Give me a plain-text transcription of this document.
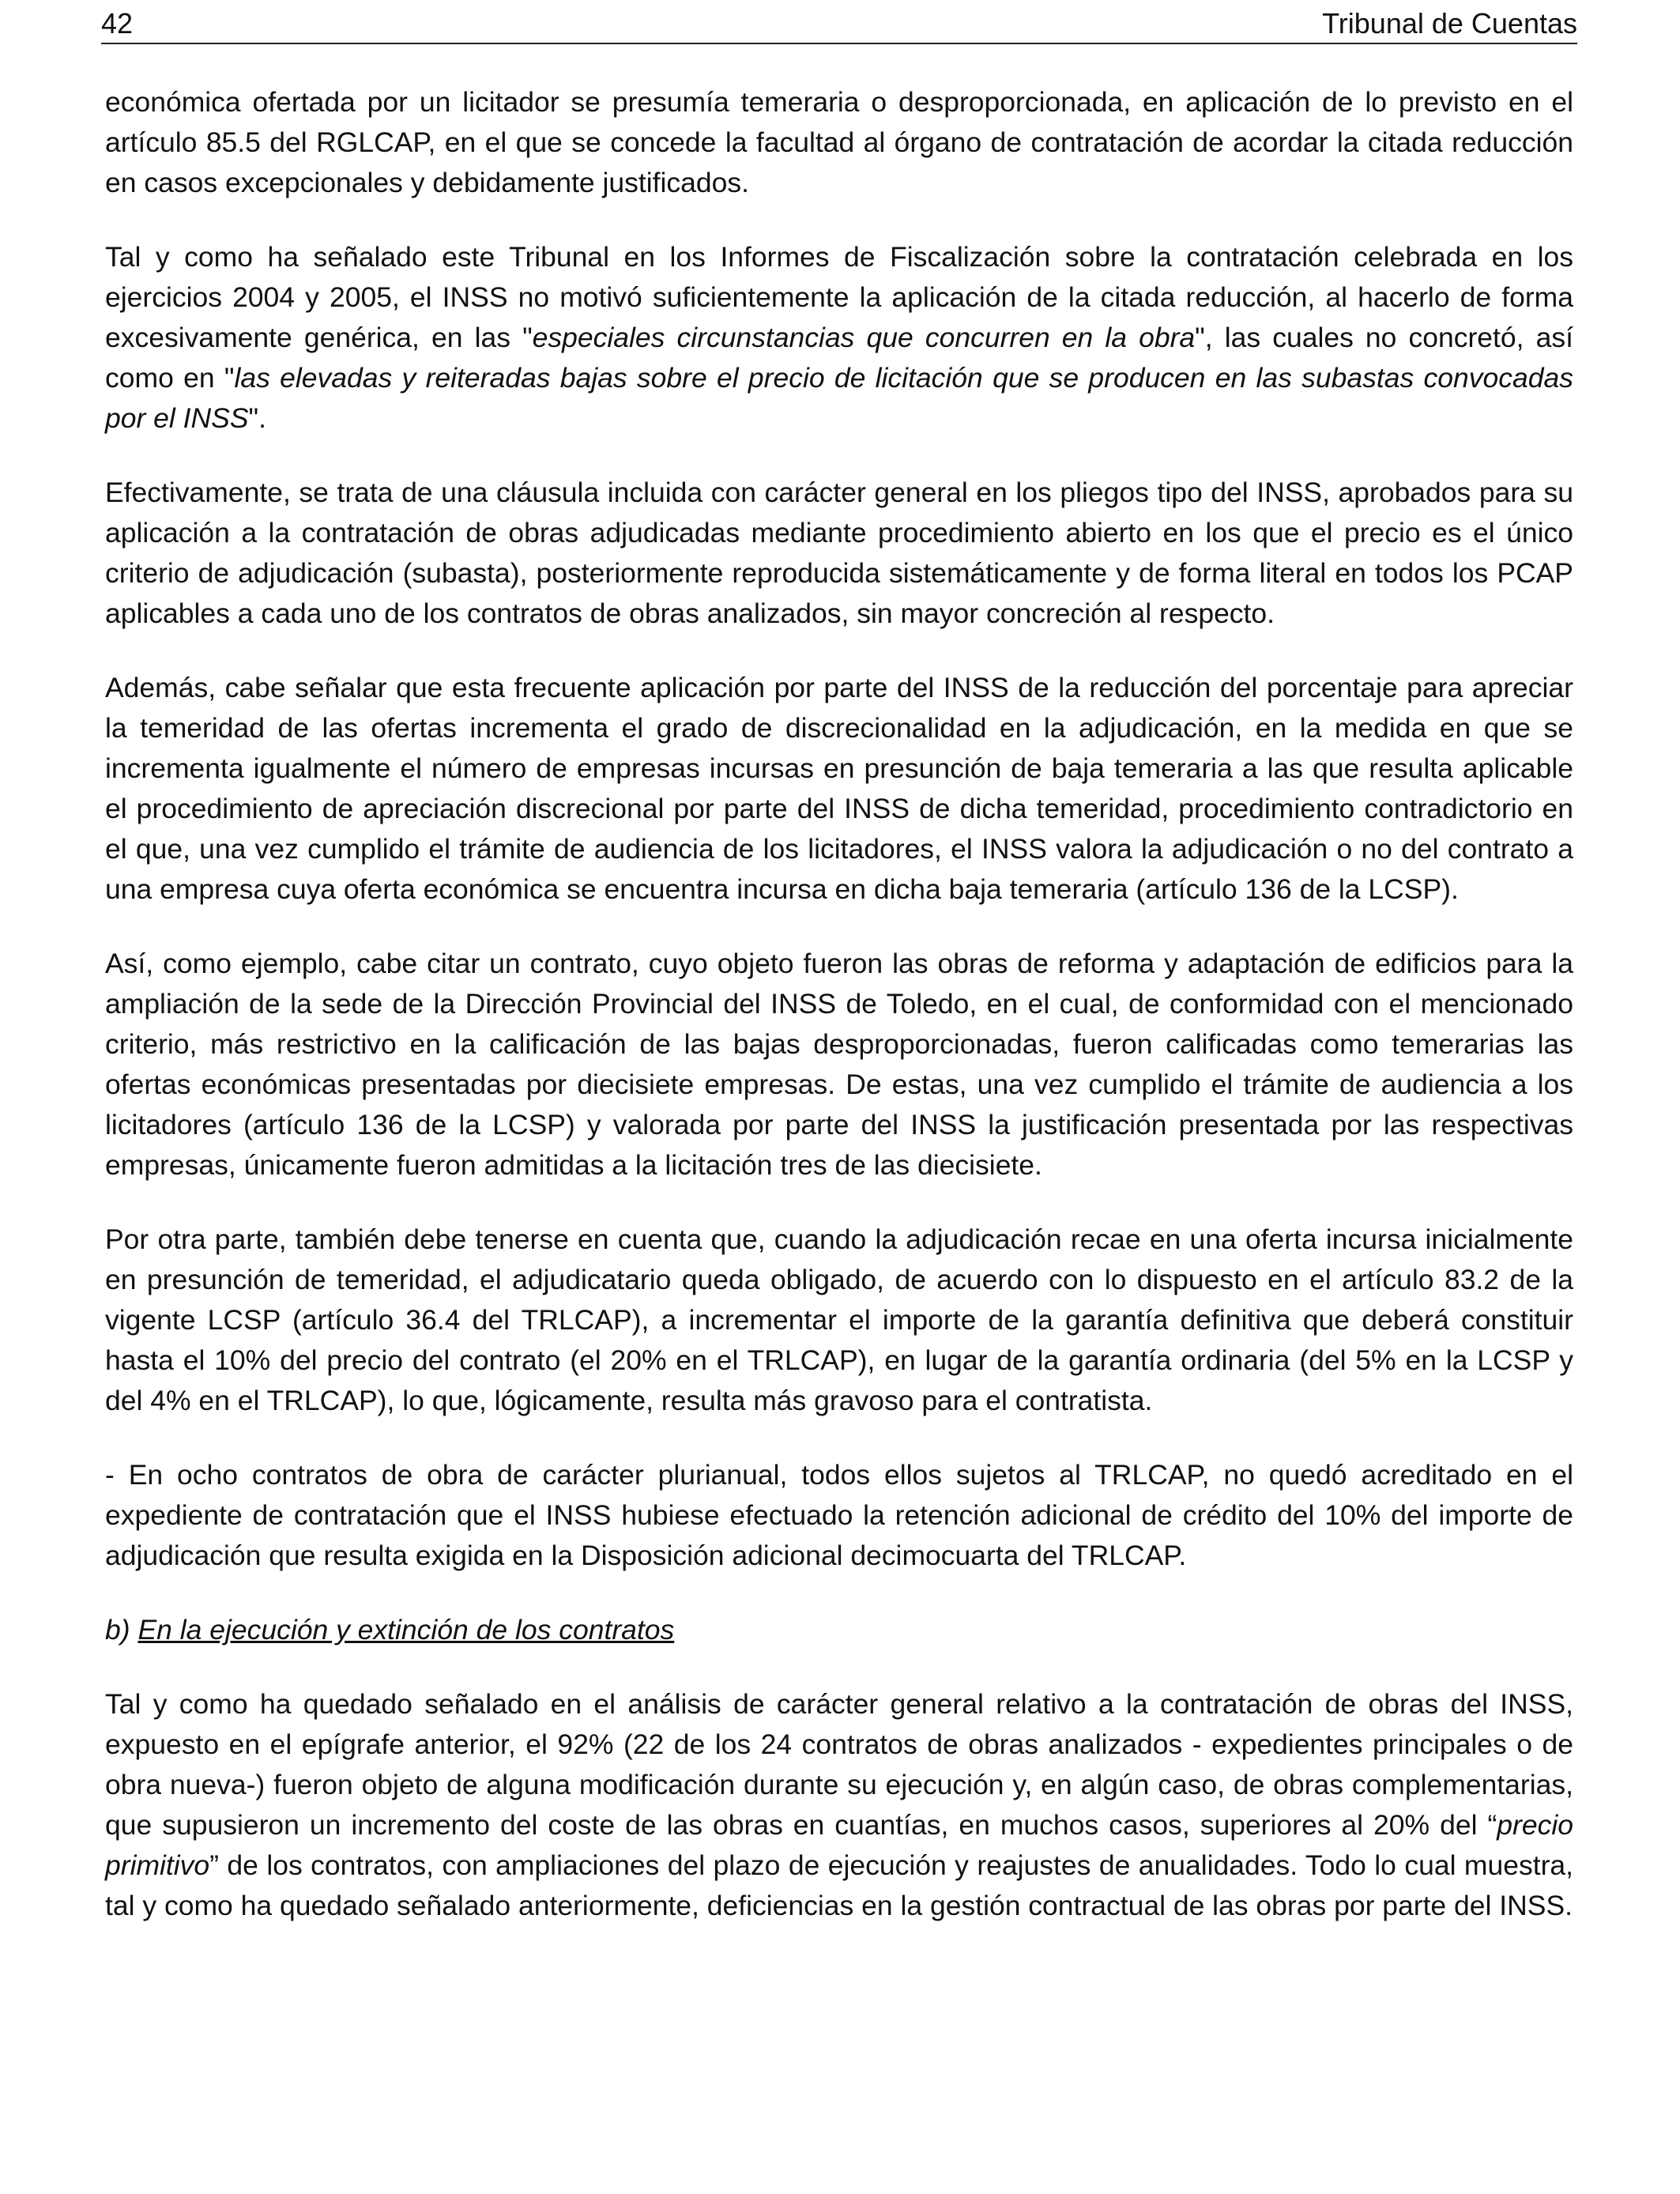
42	Tribunal de Cuentas

económica ofertada por un licitador se presumía temeraria o desproporcionada, en aplicación de lo previsto en el artículo 85.5 del RGLCAP, en el que se concede la facultad al órgano de contratación de acordar la citada reducción en casos excepcionales y debidamente justificados.

Tal y como ha señalado este Tribunal en los Informes de Fiscalización sobre la contratación celebrada en los ejercicios 2004 y 2005, el INSS no motivó suficientemente la aplicación de la citada reducción, al hacerlo de forma excesivamente genérica, en las "especiales circunstancias que concurren en la obra", las cuales no concretó, así como en "las elevadas y reiteradas bajas sobre el precio de licitación que se producen en las subastas convocadas por el INSS".

Efectivamente, se trata de una cláusula incluida con carácter general en los pliegos tipo del INSS, aprobados para su aplicación a la contratación de obras adjudicadas mediante procedimiento abierto en los que el precio es el único criterio de adjudicación (subasta), posteriormente reproducida sistemáticamente y de forma literal en todos los PCAP aplicables a cada uno de los contratos de obras analizados, sin mayor concreción al respecto.

Además, cabe señalar que esta frecuente aplicación por parte del INSS de la reducción del porcentaje para apreciar la temeridad de las ofertas incrementa el grado de discrecionalidad en la adjudicación, en la medida en que se incrementa igualmente el número de empresas incursas en presunción de baja temeraria a las que resulta aplicable el procedimiento de apreciación discrecional por parte del INSS de dicha temeridad, procedimiento contradictorio en el que, una vez cumplido el trámite de audiencia de los licitadores, el INSS valora la adjudicación o no del contrato a una empresa cuya oferta económica se encuentra incursa en dicha baja temeraria (artículo 136 de la LCSP).

Así, como ejemplo, cabe citar un contrato, cuyo objeto fueron las obras de reforma y adaptación de edificios para la ampliación de la sede de la Dirección Provincial del INSS de Toledo, en el cual, de conformidad con el mencionado criterio, más restrictivo en la calificación de las bajas desproporcionadas, fueron calificadas como temerarias las ofertas económicas presentadas por diecisiete empresas. De estas, una vez cumplido el trámite de audiencia a los licitadores (artículo 136 de la LCSP) y valorada por parte del INSS la justificación presentada por las respectivas empresas, únicamente fueron admitidas a la licitación tres de las diecisiete.

Por otra parte, también debe tenerse en cuenta que, cuando la adjudicación recae en una oferta incursa inicialmente en presunción de temeridad, el adjudicatario queda obligado, de acuerdo con lo dispuesto en el artículo 83.2 de la vigente LCSP (artículo 36.4 del TRLCAP), a incrementar el importe de la garantía definitiva que deberá constituir hasta el 10% del precio del contrato (el 20% en el TRLCAP), en lugar de la garantía ordinaria (del 5% en la LCSP y del 4% en el TRLCAP), lo que, lógicamente, resulta más gravoso para el contratista.

- En ocho contratos de obra de carácter plurianual, todos ellos sujetos al TRLCAP, no quedó acreditado en el expediente de contratación que el INSS hubiese efectuado la retención adicional de crédito del 10% del importe de adjudicación que resulta exigida en la Disposición adicional decimocuarta del TRLCAP.

b) En la ejecución y extinción de los contratos

Tal y como ha quedado señalado en el análisis de carácter general relativo a la contratación de obras del INSS, expuesto en el epígrafe anterior, el 92% (22 de los 24 contratos de obras analizados - expedientes principales o de obra nueva-) fueron objeto de alguna modificación durante su ejecución y, en algún caso, de obras complementarias, que supusieron un incremento del coste de las obras en cuantías, en muchos casos, superiores al 20% del “precio primitivo” de los contratos, con ampliaciones del plazo de ejecución y reajustes de anualidades. Todo lo cual muestra, tal y como ha quedado señalado anteriormente, deficiencias en la gestión contractual de las obras por parte del INSS.
